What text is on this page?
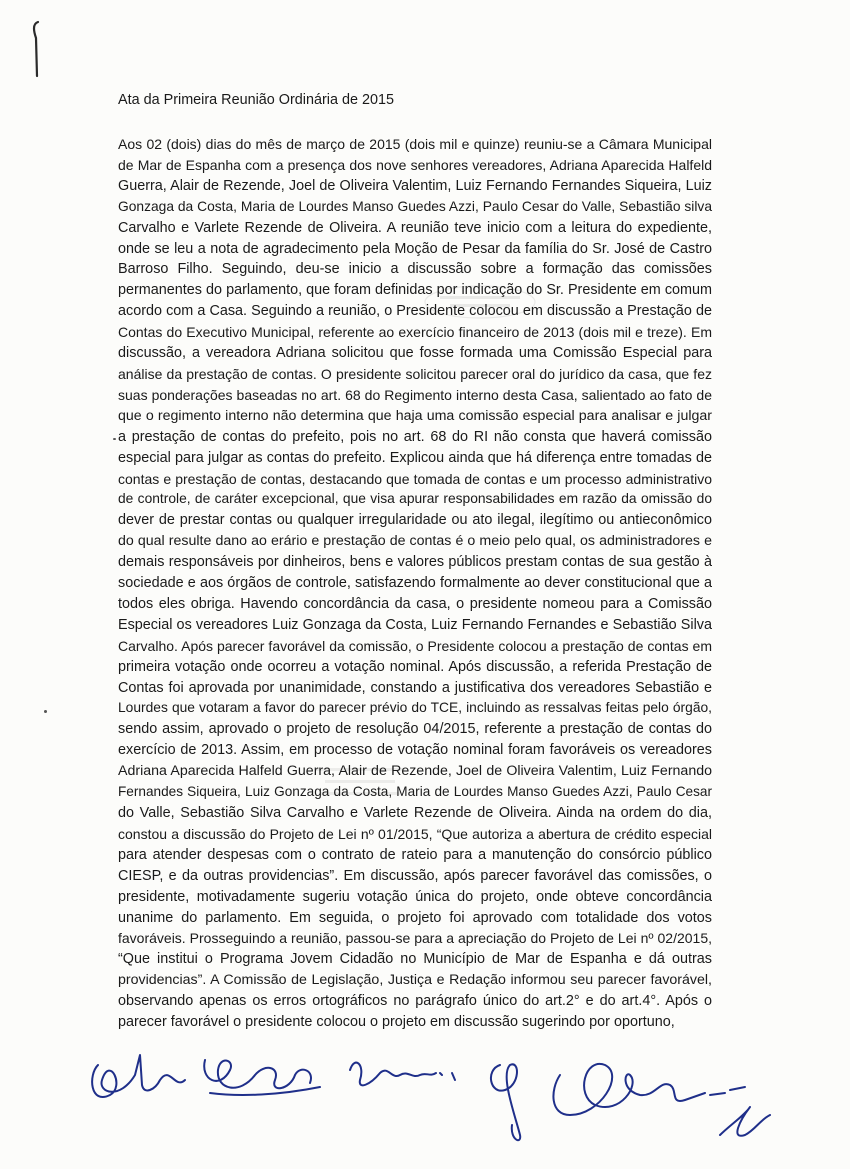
Ata da Primeira Reunião Ordinária de 2015
Aos 02 (dois) dias do mês de março de 2015 (dois mil e quinze) reuniu-se a Câmara Municipal
de Mar de Espanha com a presença dos nove senhores vereadores, Adriana Aparecida Halfeld
Guerra, Alair de Rezende, Joel de Oliveira Valentim, Luiz Fernando Fernandes Siqueira, Luiz
Gonzaga da Costa, Maria de Lourdes Manso Guedes Azzi, Paulo Cesar do Valle, Sebastião silva
Carvalho e Varlete Rezende de Oliveira. A reunião teve inicio com a leitura do expediente,
onde se leu a nota de agradecimento pela Moção de Pesar da família do Sr. José de Castro
Barroso Filho. Seguindo, deu-se inicio a discussão sobre a formação das comissões
permanentes do parlamento, que foram definidas por indicação do Sr. Presidente em comum
acordo com a Casa. Seguindo a reunião, o Presidente colocou em discussão a Prestação de
Contas do Executivo Municipal, referente ao exercício financeiro de 2013 (dois mil e treze). Em
discussão, a vereadora Adriana solicitou que fosse formada uma Comissão Especial para
análise da prestação de contas. O presidente solicitou parecer oral do jurídico da casa, que fez
suas ponderações baseadas no art. 68 do Regimento interno desta Casa, salientado ao fato de
que o regimento interno não determina que haja uma comissão especial para analisar e julgar
a prestação de contas do prefeito, pois no art. 68 do RI não consta que haverá comissão
especial para julgar as contas do prefeito. Explicou ainda que há diferença entre tomadas de
contas e prestação de contas, destacando que tomada de contas e um processo administrativo
de controle, de caráter excepcional, que visa apurar responsabilidades em razão da omissão do
dever de prestar contas ou qualquer irregularidade ou ato ilegal, ilegítimo ou antieconômico
do qual resulte dano ao erário e prestação de contas é o meio pelo qual, os administradores e
demais responsáveis por dinheiros, bens e valores públicos prestam contas de sua gestão à
sociedade e aos órgãos de controle, satisfazendo formalmente ao dever constitucional que a
todos eles obriga. Havendo concordância da casa, o presidente nomeou para a Comissão
Especial os vereadores Luiz Gonzaga da Costa, Luiz Fernando Fernandes e Sebastião Silva
Carvalho. Após parecer favorável da comissão, o Presidente colocou a prestação de contas em
primeira votação onde ocorreu a votação nominal. Após discussão, a referida Prestação de
Contas foi aprovada por unanimidade, constando a justificativa dos vereadores Sebastião e
Lourdes que votaram a favor do parecer prévio do TCE, incluindo as ressalvas feitas pelo órgão,
sendo assim, aprovado o projeto de resolução 04/2015, referente a prestação de contas do
exercício de 2013. Assim, em processo de votação nominal foram favoráveis os vereadores
Adriana Aparecida Halfeld Guerra, Alair de Rezende, Joel de Oliveira Valentim, Luiz Fernando
Fernandes Siqueira, Luiz Gonzaga da Costa, Maria de Lourdes Manso Guedes Azzi, Paulo Cesar
do Valle, Sebastião Silva Carvalho e Varlete Rezende de Oliveira. Ainda na ordem do dia,
constou a discussão do Projeto de Lei nº 01/2015, “Que autoriza a abertura de crédito especial
para atender despesas com o contrato de rateio para a manutenção do consórcio público
CIESP, e da outras providencias”. Em discussão, após parecer favorável das comissões, o
presidente, motivadamente sugeriu votação única do projeto, onde obteve concordância
unanime do parlamento. Em seguida, o projeto foi aprovado com totalidade dos votos
favoráveis. Prosseguindo a reunião, passou-se para a apreciação do Projeto de Lei nº 02/2015,
“Que institui o Programa Jovem Cidadão no Município de Mar de Espanha e dá outras
providencias”. A Comissão de Legislação, Justiça e Redação informou seu parecer favorável,
observando apenas os erros ortográficos no parágrafo único do art.2° e do art.4°. Após o
parecer favorável o presidente colocou o projeto em discussão sugerindo por oportuno,
